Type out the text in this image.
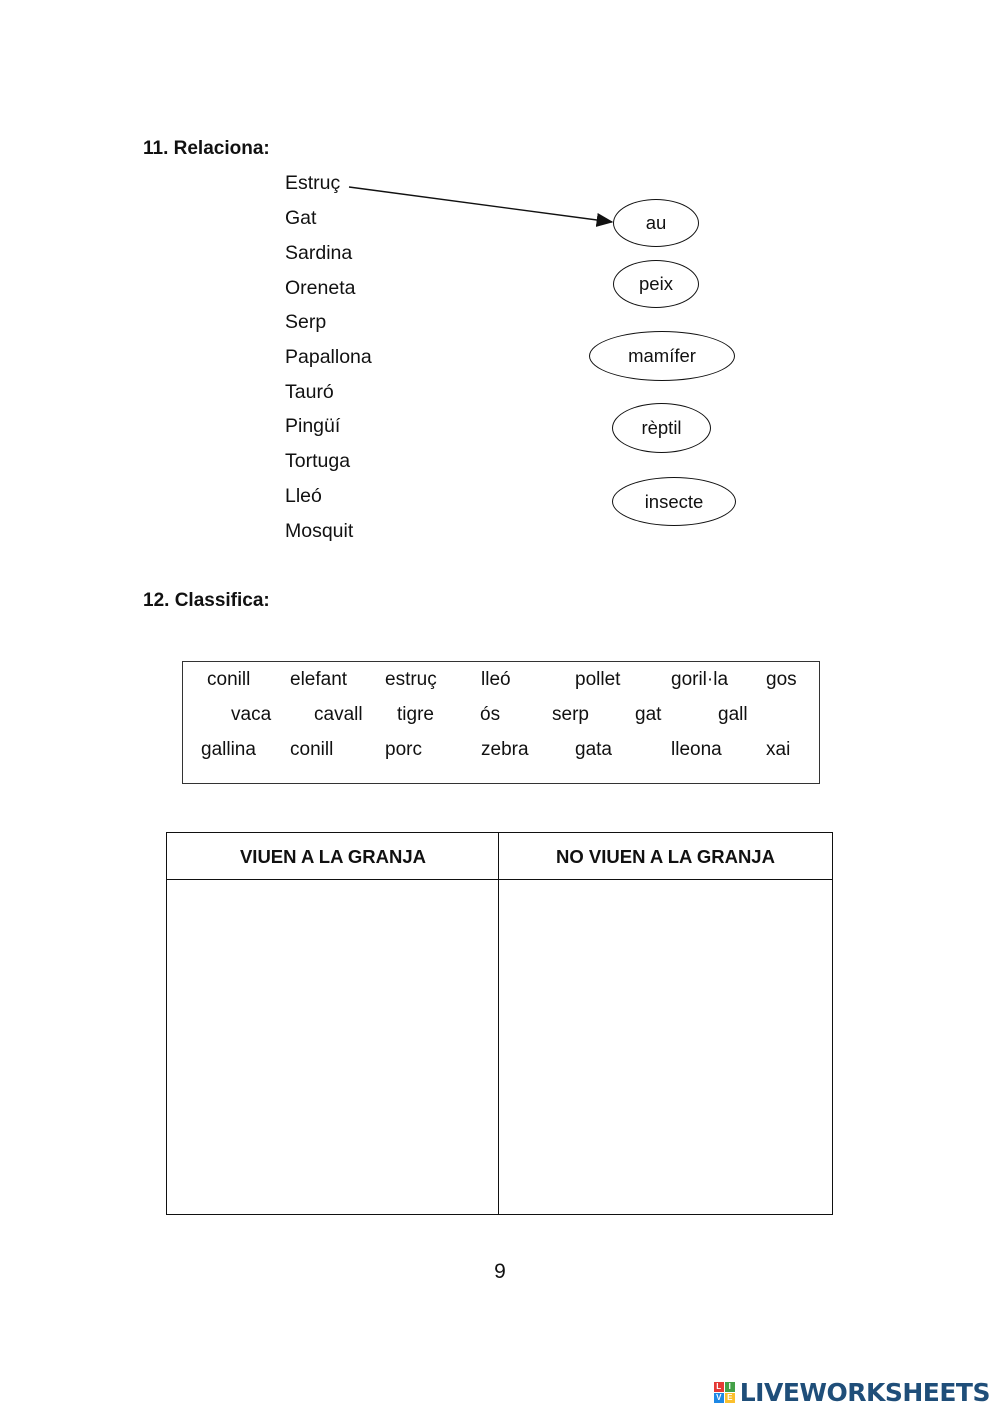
11. Relaciona:
Estruç
Gat
Sardina
Oreneta
Serp
Papallona
Tauró
Pingüí
Tortuga
Lleó
Mosquit
au
peix
mamífer
rèptil
insecte
12. Classifica:
conill elefant estruç lleó	pollet	goril·la gos
vaca cavall tigre ós	serp gat	gall
gallina conill	porc	zebra gata	lleona xai
VIUEN A LA GRANJA	NO VIUEN A LA GRANJA
9
L I
V E LIVEWORKSHEETS
